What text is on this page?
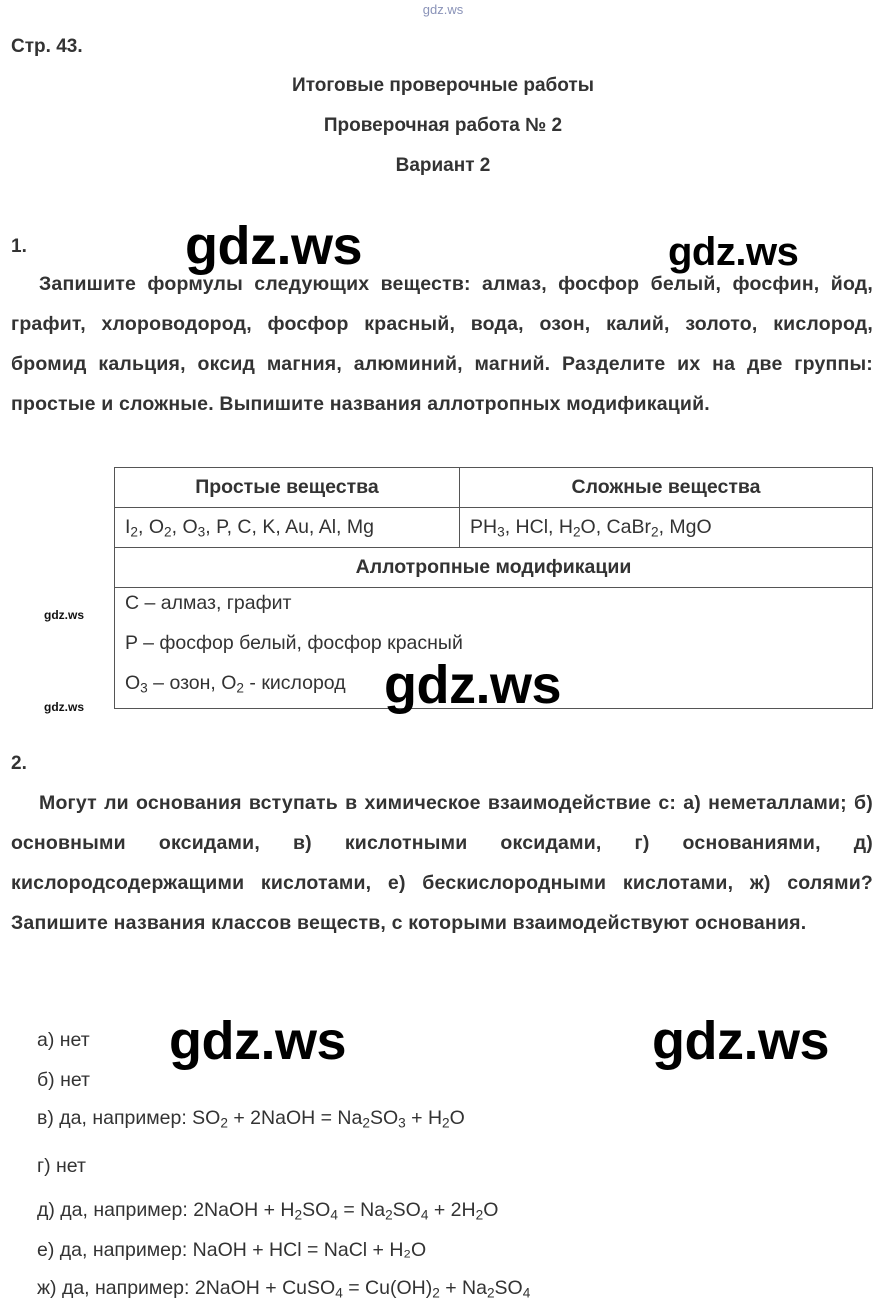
gdz.ws
Стр. 43.
Итоговые проверочные работы
Проверочная работа № 2
Вариант 2
1.
Запишите формулы следующих веществ: алмаз, фосфор белый, фосфин, йод, графит, хлороводород, фосфор красный, вода, озон, калий, золото, кислород, бромид кальция, оксид магния, алюминий, магний. Разделите их на две группы: простые и сложные. Выпишите названия аллотропных модификаций.
Простые вещества	Сложные вещества
$I_2$, $O_2$, $O_3$, P, C, K, Au, Al, Mg	$PH_3$, HCl, $H_2O$, CaBr$_2$, MgO
Аллотропные модификации	

C – алмаз, графит
P – фосфор белый, фосфор красный
$O_3$ – озон, $O_2$ - кислород	
2.
Могут ли основания вступать в химическое взаимодействие с: а) неметаллами; б) основными оксидами, в) кислотными оксидами, г) основаниями, д) кислородсодержащими кислотами, е) бескислородными кислотами, ж) солями? Запишите названия классов веществ, с которыми взаимодействуют основания.
а) нет
б) нет
в) да, например: $SO_2$ + 2NaOH = $Na_2SO_3 + H_2O$
г) нет
д) да, например: 2NaOH + $H_2SO_4 = Na_2SO_4 + 2H_2O$
е) да, например: NaOH + HCl = NaCl + H₂O
ж) да, например: 2NaOH + CuSO$_4$ = $Cu(OH)_2 + Na_2SO_4$
gdz.ws	gdz.ws
gdz.ws
gdz.ws
gdz.ws
gdz.ws	gdz.ws
